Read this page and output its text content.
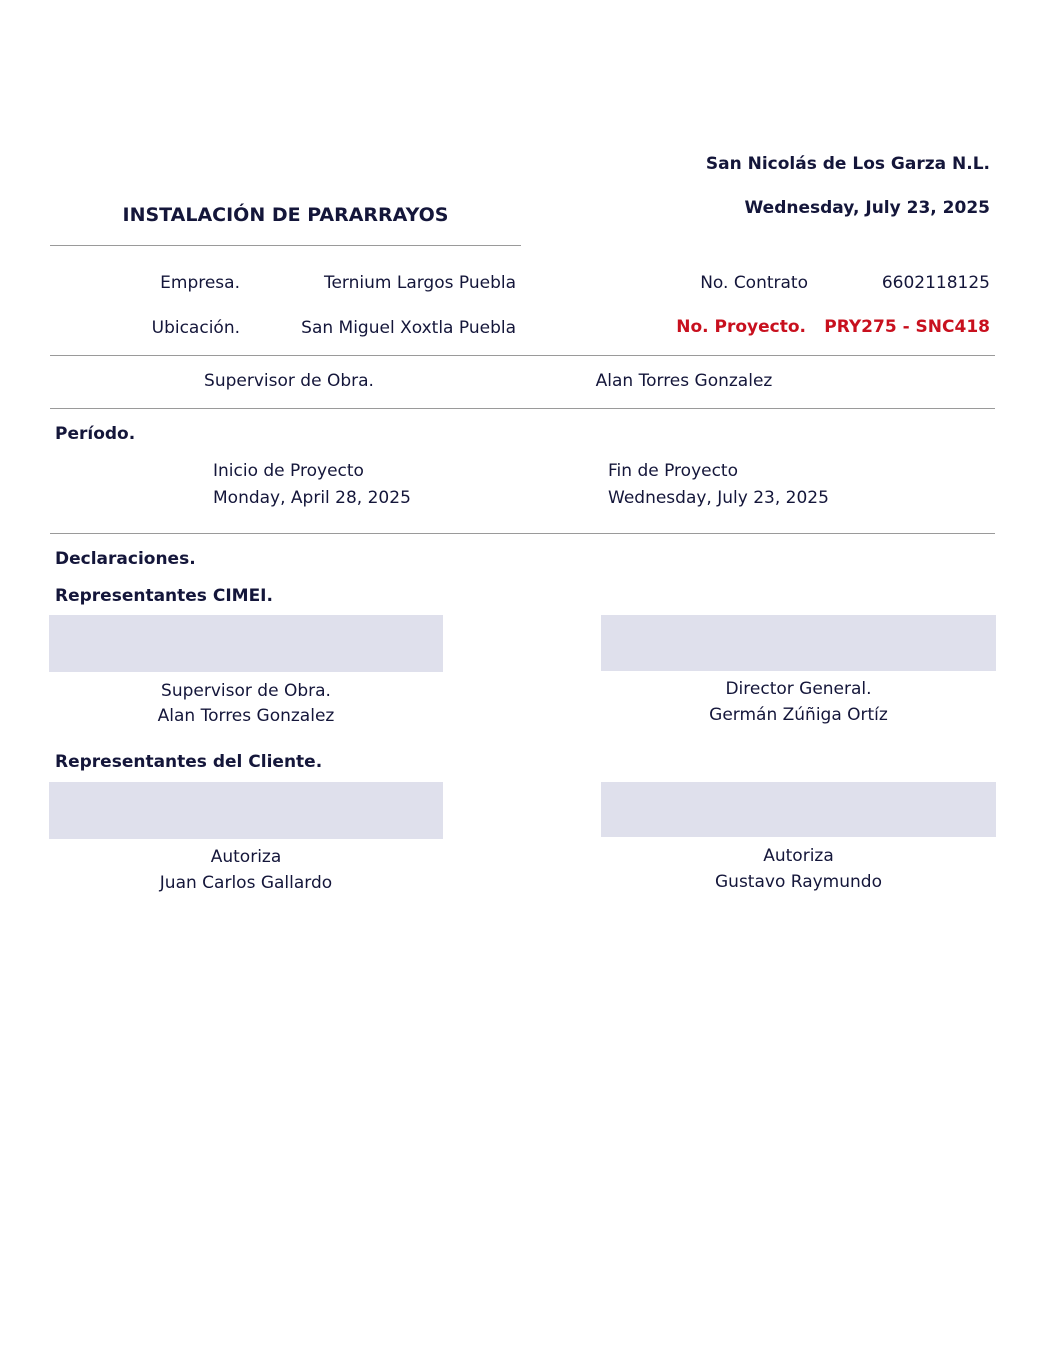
San Nicolás de Los Garza N.L.
Wednesday, July 23, 2025
INSTALACIÓN DE PARARRAYOS
Empresa.	Ternium Largos Puebla
Ubicación.	San Miguel Xoxtla Puebla
No. Contrato	6602118125
No. Proyecto. PRY275 - SNC418
Supervisor de Obra.	Alan Torres Gonzalez
Período.
Inicio de Proyecto
Monday, April 28, 2025
Fin de Proyecto
Wednesday, July 23, 2025
Declaraciones.
Representantes CIMEI.
Supervisor de Obra.
Alan Torres Gonzalez
Director General.
Germán Zúñiga Ortíz
Representantes del Cliente.
Autoriza
Juan Carlos Gallardo
Autoriza
Gustavo Raymundo
